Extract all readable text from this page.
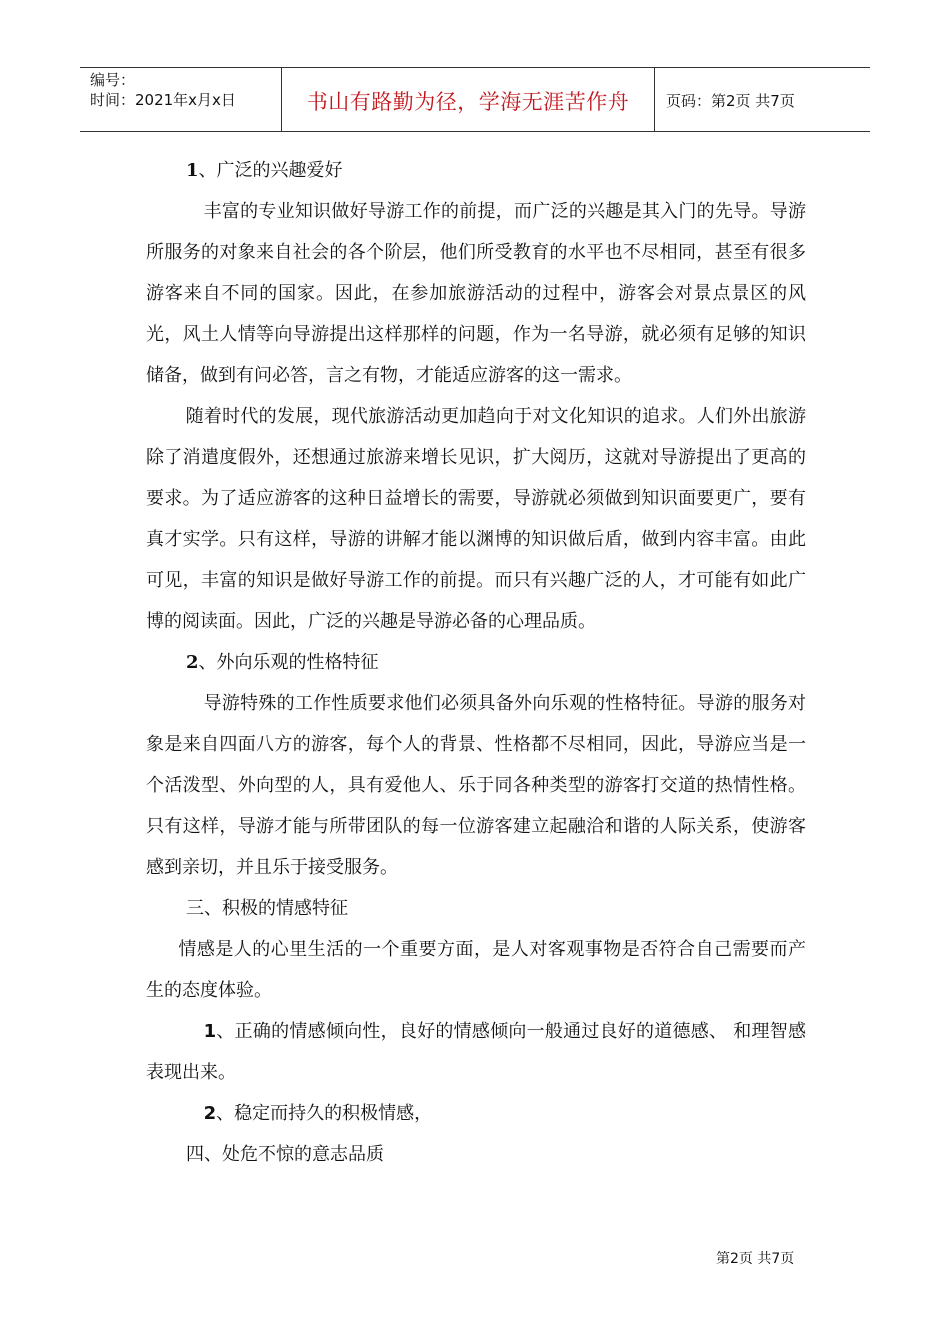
编号：
时间：2021年x月x日	书山有路勤为径，学海无涯苦作舟	页码：第2页 共7页

1、广泛的兴趣爱好

丰富的专业知识做好导游工作的前提，而广泛的兴趣是其入门的先导。导游所服务的对象来自社会的各个阶层，他们所受教育的水平也不尽相同，甚至有很多游客来自不同的国家。因此，在参加旅游活动的过程中，游客会对景点景区的风光，风土人情等向导游提出这样那样的问题，作为一名导游，就必须有足够的知识储备，做到有问必答，言之有物，才能适应游客的这一需求。

随着时代的发展，现代旅游活动更加趋向于对文化知识的追求。人们外出旅游除了消遣度假外，还想通过旅游来增长见识，扩大阅历，这就对导游提出了更高的要求。为了适应游客的这种日益增长的需要，导游就必须做到知识面要更广，要有真才实学。只有这样，导游的讲解才能以渊博的知识做后盾，做到内容丰富。由此可见，丰富的知识是做好导游工作的前提。而只有兴趣广泛的人，才可能有如此广博的阅读面。因此，广泛的兴趣是导游必备的心理品质。

2、外向乐观的性格特征

导游特殊的工作性质要求他们必须具备外向乐观的性格特征。导游的服务对象是来自四面八方的游客，每个人的背景、性格都不尽相同，因此，导游应当是一个活泼型、外向型的人，具有爱他人、乐于同各种类型的游客打交道的热情性格。只有这样，导游才能与所带团队的每一位游客建立起融洽和谐的人际关系，使游客感到亲切，并且乐于接受服务。

三、积极的情感特征

情感是人的心里生活的一个重要方面，是人对客观事物是否符合自己需要而产生的态度体验。

1、正确的情感倾向性，良好的情感倾向一般通过良好的道德感、 和理智感表现出来。

2、稳定而持久的积极情感，

四、处危不惊的意志品质

第2页 共7页
